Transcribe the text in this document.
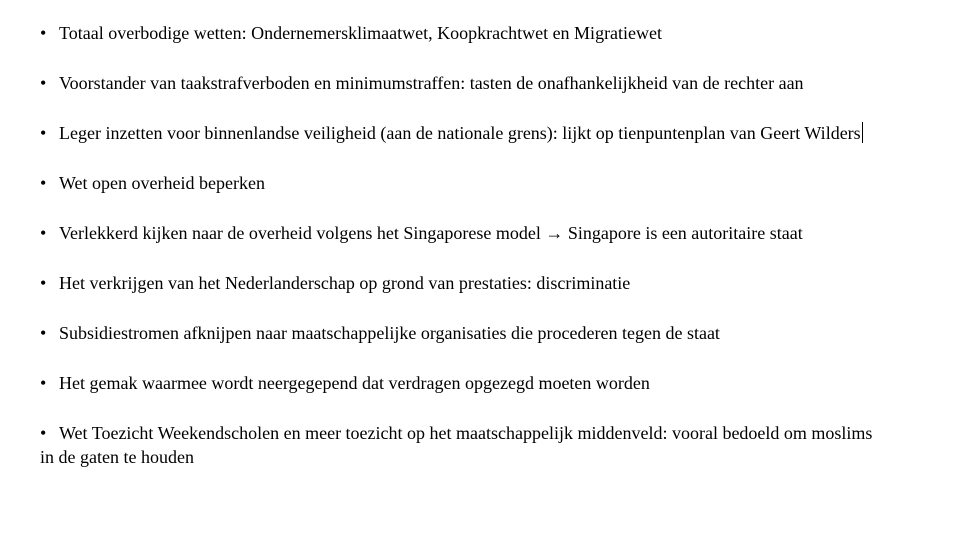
• Totaal overbodige wetten: Ondernemersklimaatwet, Koopkrachtwet en Migratiewet
• Voorstander van taakstrafverboden en minimumstraffen: tasten de onafhankelijkheid van de rechter aan
• Leger inzetten voor binnenlandse veiligheid (aan de nationale grens): lijkt op tienpuntenplan van Geert Wilders
• Wet open overheid beperken
• Verlekkerd kijken naar de overheid volgens het Singaporese model → Singapore is een autoritaire staat
• Het verkrijgen van het Nederlanderschap op grond van prestaties: discriminatie
• Subsidiestromen afknijpen naar maatschappelijke organisaties die procederen tegen de staat
• Het gemak waarmee wordt neergegepend dat verdragen opgezegd moeten worden
• Wet Toezicht Weekendscholen en meer toezicht op het maatschappelijk middenveld: vooral bedoeld om moslims in de gaten te houden
